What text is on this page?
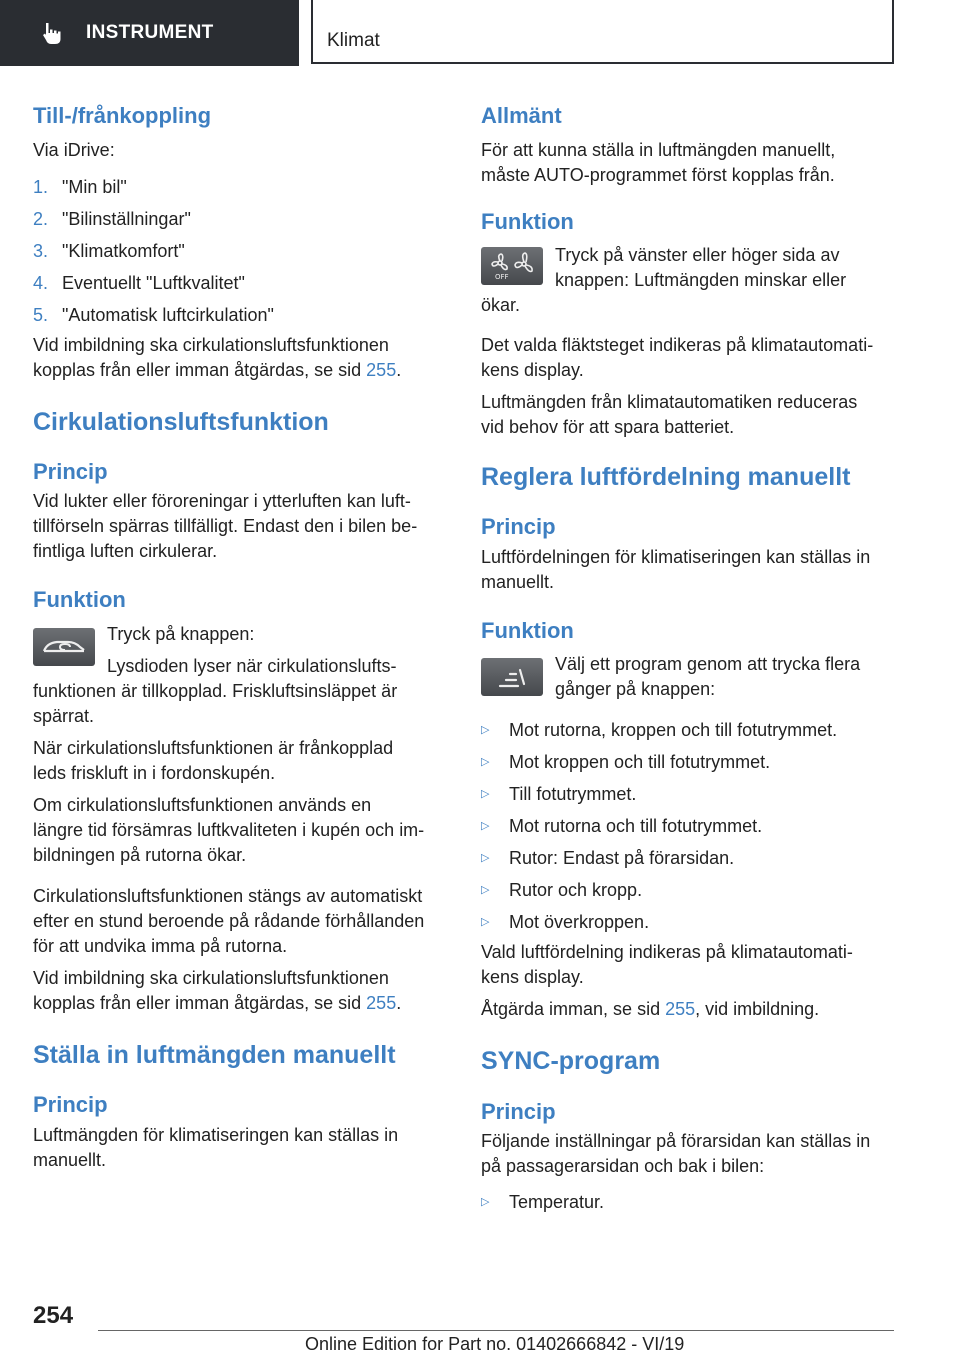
INSTRUMENT	Klimat
Till-/frånkoppling

Via iDrive:

1. "Min bil"
2. "Bilinställningar"
3. "Klimatkomfort"
4. Eventuellt "Luftkvalitet"
5. "Automatisk luftcirkulation"

Vid imbildning ska cirkulationsluftsfunktionen
kopplas från eller imman åtgärdas, se sid 255.

Cirkulationsluftsfunktion
Princip

Vid lukter eller föroreningar i ytterluften kan luft-
tillförseln spärras tillfälligt. Endast den i bilen be-
fintliga luften cirkulerar.

Funktion

Tryck på knappen:

Lysdioden lyser när cirkulationslufts-

funktionen är tillkopplad. Friskluftsinsläppet är
spärrat.

När cirkulationsluftsfunktionen är frånkopplad
leds friskluft in i fordonskupén.

Om cirkulationsluftsfunktionen används en
längre tid försämras luftkvaliteten i kupén och im-
bildningen på rutorna ökar.

Cirkulationsluftsfunktionen stängs av automatiskt
efter en stund beroende på rådande förhållanden
för att undvika imma på rutorna.

Vid imbildning ska cirkulationsluftsfunktionen
kopplas från eller imman åtgärdas, se sid 255.

Ställa in luftmängden manuellt
Princip

Luftmängden för klimatiseringen kan ställas in
manuellt.

Allmänt

För att kunna ställa in luftmängden manuellt,
måste AUTO-programmet först kopplas från.

Funktion
OFF

Tryck på vänster eller höger sida av
knappen: Luftmängden minskar eller

ökar.

Det valda fläktsteget indikeras på klimatautomati-
kens display.

Luftmängden från klimatautomatiken reduceras
vid behov för att spara batteriet.

Reglera luftfördelning manuellt
Princip

Luftfördelningen för klimatiseringen kan ställas in
manuellt.

Funktion

Välj ett program genom att trycka flera
gånger på knappen:

▷	Mot rutorna, kroppen och till fotutrymmet.
▷	Mot kroppen och till fotutrymmet.
▷	Till fotutrymmet.
▷	Mot rutorna och till fotutrymmet.
▷	Rutor: Endast på förarsidan.
▷	Rutor och kropp.
▷	Mot överkroppen.

Vald luftfördelning indikeras på klimatautomati-
kens display.

Åtgärda imman, se sid 255, vid imbildning.

SYNC-program
Princip

Följande inställningar på förarsidan kan ställas in
på passagerarsidan och bak i bilen:

▷	Temperatur.
254
Online Edition for Part no. 01402666842 - VI/19
